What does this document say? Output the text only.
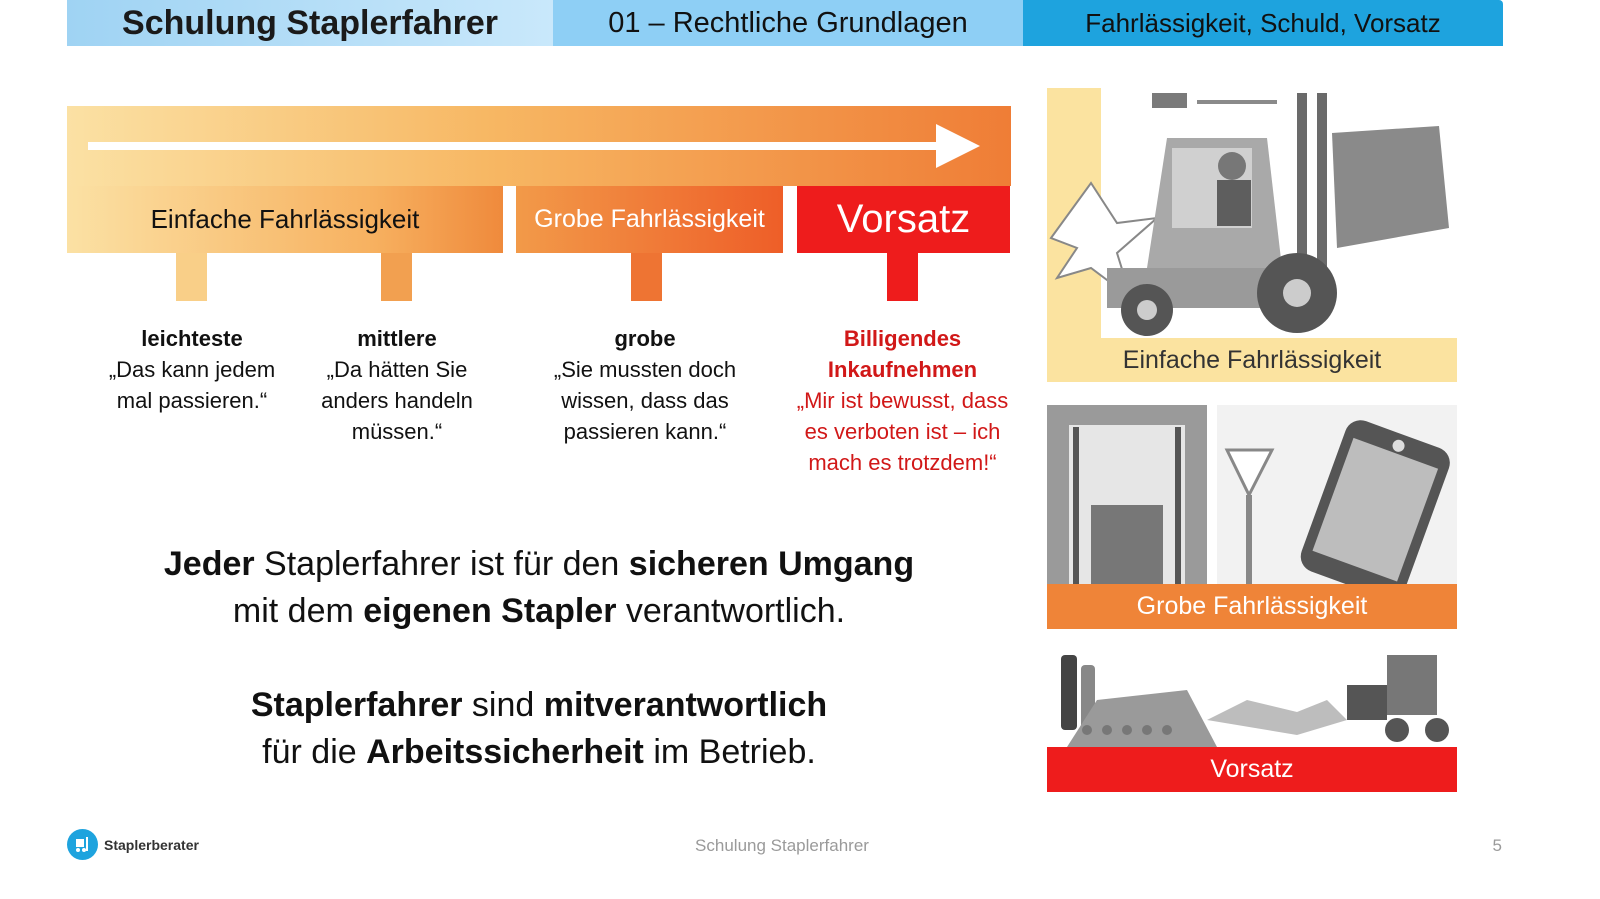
Schulung Staplerfahrer	01 – Rechtliche Grundlagen	Fahrlässigkeit, Schuld, Vorsatz
Einfache Fahrlässigkeit	Grobe Fahrlässigkeit Vorsatz
leichteste
„Das kann jedem mal passieren.“
mittlere
„Da hätten Sie anders handeln müssen.“
grobe
„Sie mussten doch wissen, dass das passieren kann.“
Billigendes Inkaufnehmen
„Mir ist bewusst, dass es verboten ist – ich mach es trotzdem!“
Jeder Staplerfahrer ist für den sicheren Umgang
mit dem eigenen Stapler verantwortlich.
Staplerfahrer sind mitverantwortlich
für die Arbeitssicherheit im Betrieb.
Einfache Fahrlässigkeit
Grobe Fahrlässigkeit
Vorsatz
Staplerberater	Schulung Staplerfahrer	5
